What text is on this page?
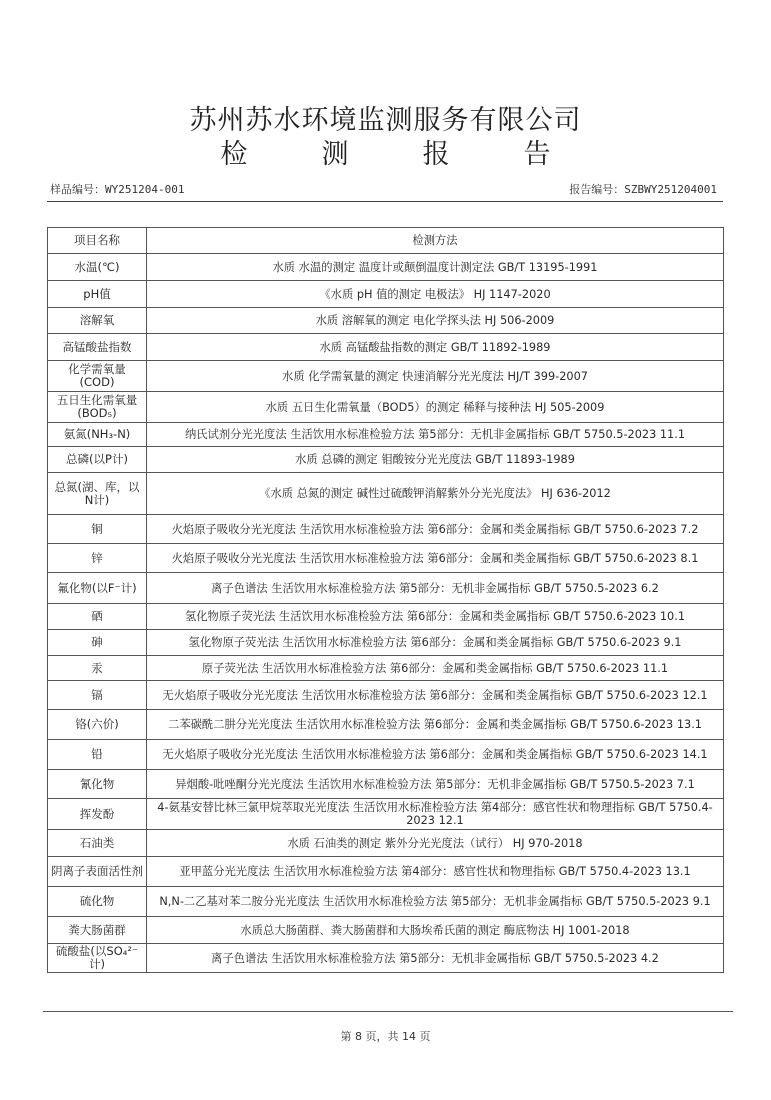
苏州苏水环境监测服务有限公司
检	测	报	告
样品编号：WY251204-001	报告编号：SZBWY251204001
项目名称	检测方法
水温(℃)	水质 水温的测定 温度计或颠倒温度计测定法 GB/T 13195-1991
pH值	《水质 pH 值的测定 电极法》 HJ 1147-2020
溶解氧	水质 溶解氧的测定 电化学探头法 HJ 506-2009
高锰酸盐指数	水质 高锰酸盐指数的测定 GB/T 11892-1989
化学需氧量(COD)	水质 化学需氧量的测定 快速消解分光光度法 HJ/T 399-2007
五日生化需氧量(BOD₅)	水质 五日生化需氧量（BOD5）的测定 稀释与接种法 HJ 505-2009
氨氮(NH₃-N)	纳氏试剂分光光度法 生活饮用水标准检验方法 第5部分：无机非金属指标 GB/T 5750.5-2023 11.1
总磷(以P计)	水质 总磷的测定 钼酸铵分光光度法 GB/T 11893-1989
总氮(湖、库，以N计)	《水质 总氮的测定 碱性过硫酸钾消解紫外分光光度法》 HJ 636-2012
铜	火焰原子吸收分光光度法 生活饮用水标准检验方法 第6部分：金属和类金属指标 GB/T 5750.6-2023 7.2
锌	火焰原子吸收分光光度法 生活饮用水标准检验方法 第6部分：金属和类金属指标 GB/T 5750.6-2023 8.1
氟化物(以F⁻计)	离子色谱法 生活饮用水标准检验方法 第5部分：无机非金属指标 GB/T 5750.5-2023 6.2
硒	氢化物原子荧光法 生活饮用水标准检验方法 第6部分：金属和类金属指标 GB/T 5750.6-2023 10.1
砷	氢化物原子荧光法 生活饮用水标准检验方法 第6部分：金属和类金属指标 GB/T 5750.6-2023 9.1
汞	原子荧光法 生活饮用水标准检验方法 第6部分：金属和类金属指标 GB/T 5750.6-2023 11.1
镉	无火焰原子吸收分光光度法 生活饮用水标准检验方法 第6部分：金属和类金属指标 GB/T 5750.6-2023 12.1
铬(六价)	二苯碳酰二肼分光光度法 生活饮用水标准检验方法 第6部分：金属和类金属指标 GB/T 5750.6-2023 13.1
铅	无火焰原子吸收分光光度法 生活饮用水标准检验方法 第6部分：金属和类金属指标 GB/T 5750.6-2023 14.1
氰化物	异烟酸-吡唑酮分光光度法 生活饮用水标准检验方法 第5部分：无机非金属指标 GB/T 5750.5-2023 7.1
挥发酚	4-氨基安替比林三氯甲烷萃取光光度法 生活饮用水标准检验方法 第4部分：感官性状和物理指标 GB/T 5750.4-2023 12.1
石油类	水质 石油类的测定 紫外分光光度法（试行） HJ 970-2018
阴离子表面活性剂	亚甲蓝分光光度法 生活饮用水标准检验方法 第4部分：感官性状和物理指标 GB/T 5750.4-2023 13.1
硫化物	N,N-二乙基对苯二胺分光光度法 生活饮用水标准检验方法 第5部分：无机非金属指标 GB/T 5750.5-2023 9.1
粪大肠菌群	水质总大肠菌群、粪大肠菌群和大肠埃希氏菌的测定 酶底物法 HJ 1001-2018
硫酸盐(以SO₄²⁻计)	离子色谱法 生活饮用水标准检验方法 第5部分：无机非金属指标 GB/T 5750.5-2023 4.2
第 8 页，共 14 页
